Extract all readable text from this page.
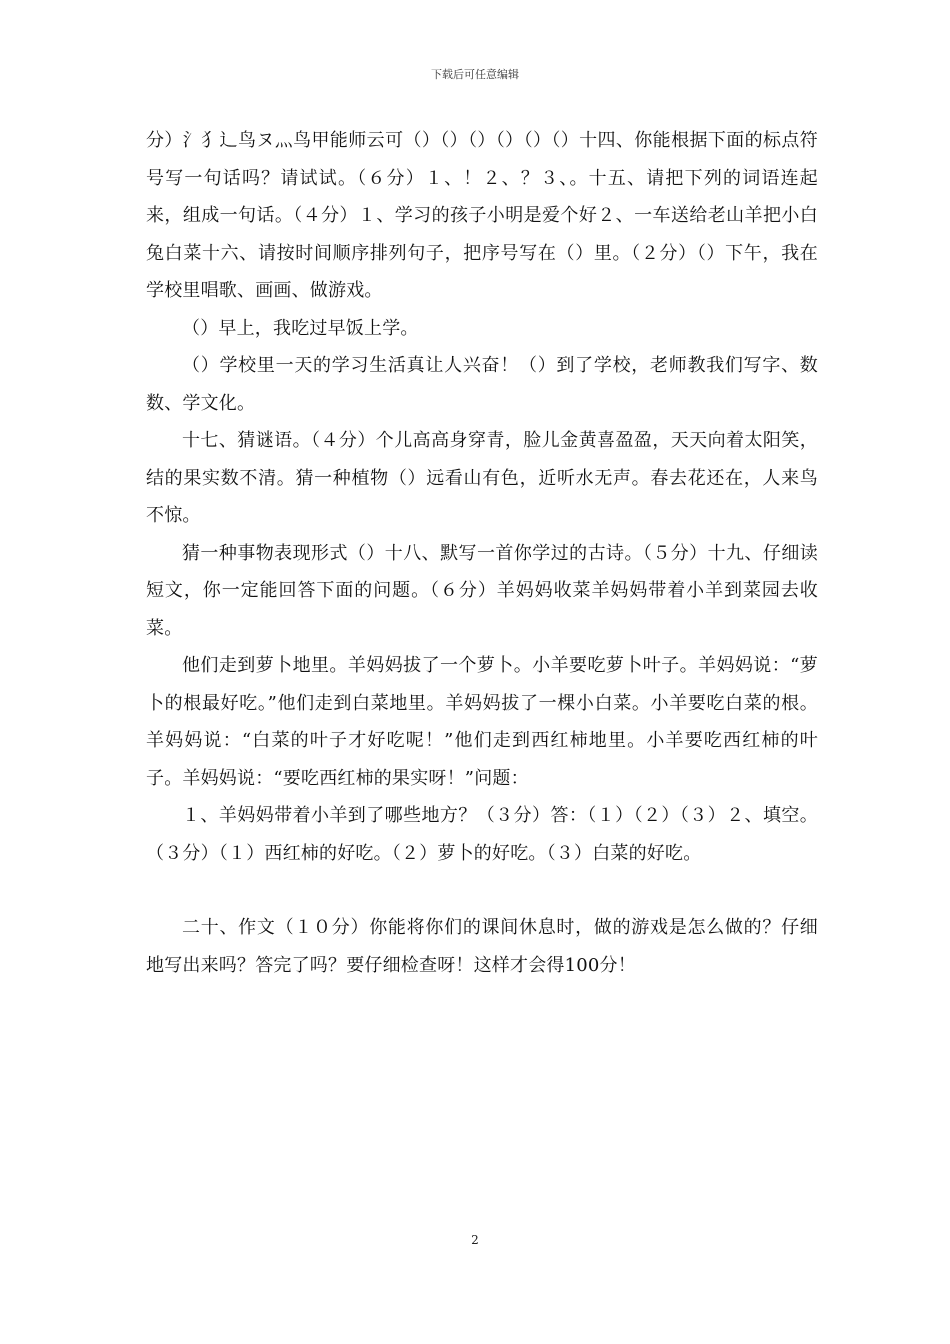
下载后可任意编辑

分）氵犭辶鸟ヌ灬鸟甲能师云可（）（）（）（）（）（）十四、你能根据下面的标点符号写一句话吗？请试试。（６分）１、！２、？３、。十五、请把下列的词语连起来，组成一句话。（４分）１、学习的孩子小明是爱个好２、一车送给老山羊把小白兔白菜十六、请按时间顺序排列句子，把序号写在（）里。（２分）（）下午，我在学校里唱歌、画画、做游戏。

（）早上，我吃过早饭上学。

（）学校里一天的学习生活真让人兴奋！（）到了学校，老师教我们写字、数数、学文化。

十七、猜谜语。（４分）个儿高高身穿青，脸儿金黄喜盈盈，天天向着太阳笑，结的果实数不清。猜一种植物（）远看山有色，近听水无声。春去花还在，人来鸟不惊。

猜一种事物表现形式（）十八、默写一首你学过的古诗。（５分）十九、仔细读短文，你一定能回答下面的问题。（６分）羊妈妈收菜羊妈妈带着小羊到菜园去收菜。

他们走到萝卜地里。羊妈妈拔了一个萝卜。小羊要吃萝卜叶子。羊妈妈说：“萝卜的根最好吃。”他们走到白菜地里。羊妈妈拔了一棵小白菜。小羊要吃白菜的根。羊妈妈说：“白菜的叶子才好吃呢！”他们走到西红柿地里。小羊要吃西红柿的叶子。羊妈妈说：“要吃西红柿的果实呀！”问题：

１、羊妈妈带着小羊到了哪些地方？（３分）答：（１）（２）（３）２、填空。（３分）（１）西红柿的好吃。（２）萝卜的好吃。（３）白菜的好吃。

二十、作文（１０分）你能将你们的课间休息时，做的游戏是怎么做的？仔细地写出来吗？答完了吗？要仔细检查呀！这样才会得100分！

2
